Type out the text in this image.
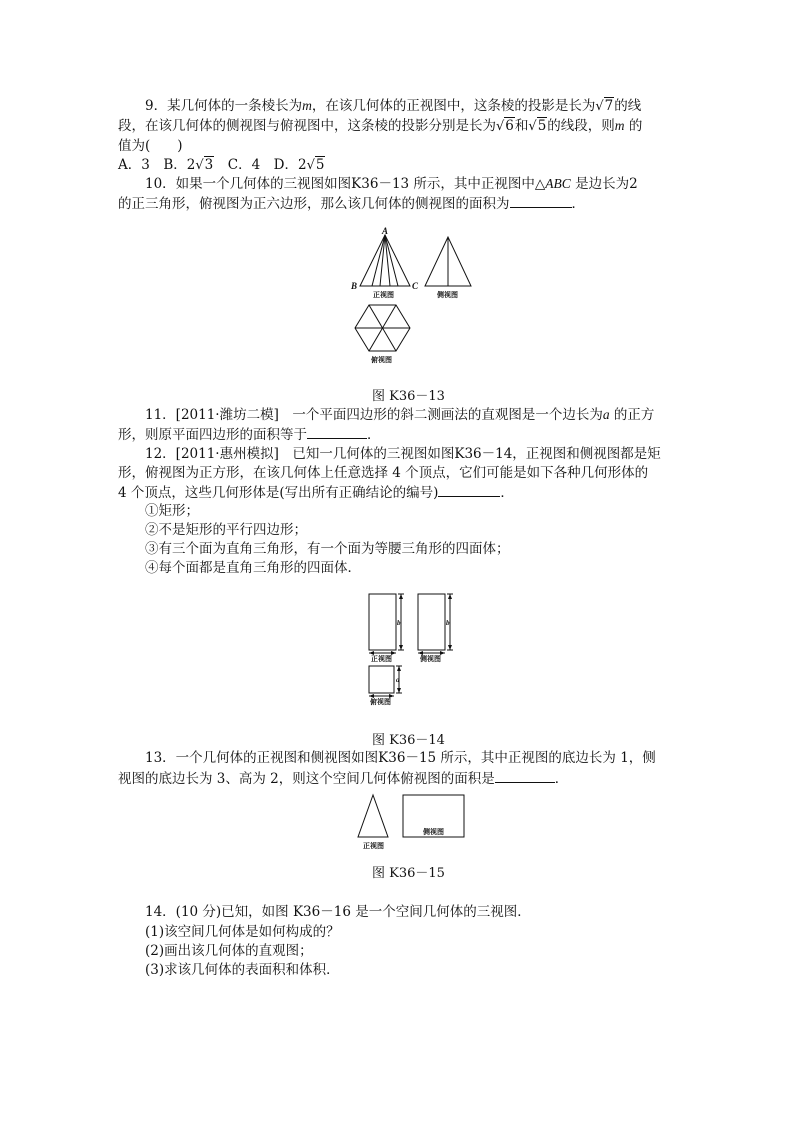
9．某几何体的一条棱长为m，在该几何体的正视图中，这条棱的投影是长为√7的线
段，在该几何体的侧视图与俯视图中，这条棱的投影分别是长为√6和√5的线段，则m 的
值为(　　)
A．3　B．2√3　C．4　D．2√5
10．如果一个几何体的三视图如图K36－13 所示，其中正视图中△ABC 是边长为2
的正三角形，俯视图为正六边形，那么该几何体的侧视图的面积为	．
A
B	C
正视图	侧视图
俯视图
图 K36－13
11．[2011·潍坊二模]　一个平面四边形的斜二测画法的直观图是一个边长为a 的正方
形，则原平面四边形的面积等于	．
12．[2011·惠州模拟]　已知一几何体的三视图如图K36－14，正视图和侧视图都是矩
形，俯视图为正方形，在该几何体上任意选择 4 个顶点，它们可能是如下各种几何形体的
4 个顶点，这些几何形体是(写出所有正确结论的编号)	．
①矩形；
②不是矩形的平行四边形；
③有三个面为直角三角形，有一个面为等腰三角形的四面体；
④每个面都是直角三角形的四面体．
b	b
a
正视图	侧视图
俯视图
图 K36－14
13．一个几何体的正视图和侧视图如图K36－15 所示，其中正视图的底边长为 1，侧
视图的底边长为 3、高为 2，则这个空间几何体俯视图的面积是	．
正视图
侧视图
图 K36－15
14．(10 分)已知，如图 K36－16 是一个空间几何体的三视图．
(1)该空间几何体是如何构成的？
(2)画出该几何体的直观图；
(3)求该几何体的表面积和体积．
